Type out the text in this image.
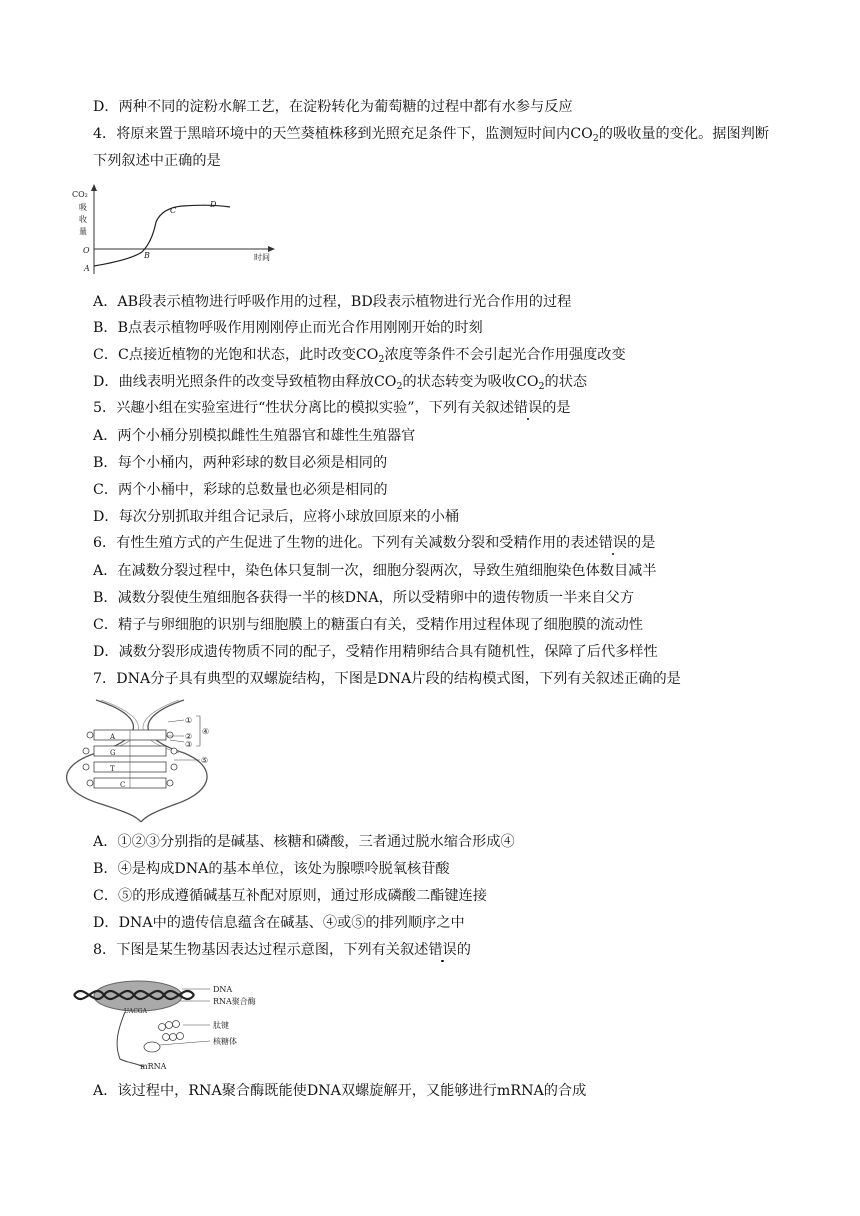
D．两种不同的淀粉水解工艺，在淀粉转化为葡萄糖的过程中都有水参与反应
4．将原来置于黑暗环境中的天竺葵植株移到光照充足条件下，监测短时间内$CO_2$的吸收量的变化。据图判断
下列叙述中正确的是
CO₂
吸
收
量
O
A
B
C
D
时间
A．AB段表示植物进行呼吸作用的过程，BD段表示植物进行光合作用的过程
B．B点表示植物呼吸作用刚刚停止而光合作用刚刚开始的时刻
C．C点接近植物的光饱和状态，此时改变$CO_2$浓度等条件不会引起光合作用强度改变
D．曲线表明光照条件的改变导致植物由释放$CO_2$的状态转变为吸收$CO_2$的状态
5．兴趣小组在实验室进行“性状分离比的模拟实验”，下列有关叙述错误的是
A．两个小桶分别模拟雌性生殖器官和雄性生殖器官
B．每个小桶内，两种彩球的数目必须是相同的
C．两个小桶中，彩球的总数量也必须是相同的
D．每次分别抓取并组合记录后，应将小球放回原来的小桶
6．有性生殖方式的产生促进了生物的进化。下列有关减数分裂和受精作用的表述错误的是
A．在减数分裂过程中，染色体只复制一次，细胞分裂两次，导致生殖细胞染色体数目减半
B．减数分裂使生殖细胞各获得一半的核DNA，所以受精卵中的遗传物质一半来自父方
C．精子与卵细胞的识别与细胞膜上的糖蛋白有关，受精作用过程体现了细胞膜的流动性
D．减数分裂形成遗传物质不同的配子，受精作用精卵结合具有随机性，保障了后代多样性
7．DNA分子具有典型的双螺旋结构，下图是DNA片段的结构模式图，下列有关叙述正确的是
A
G
T
C
①
②
③
④
⑤
A．①②③分别指的是碱基、核糖和磷酸，三者通过脱水缩合形成④
B．④是构成DNA的基本单位，该处为腺嘌呤脱氧核苷酸
C．⑤的形成遵循碱基互补配对原则，通过形成磷酸二酯键连接
D．DNA中的遗传信息蕴含在碱基、④或⑤的排列顺序之中
8．下图是某生物基因表达过程示意图，下列有关叙述错误的
UACGA
DNA
RNA聚合酶
肽键
核糖体
mRNA
A．该过程中，RNA聚合酶既能使DNA双螺旋解开，又能够进行mRNA的合成
